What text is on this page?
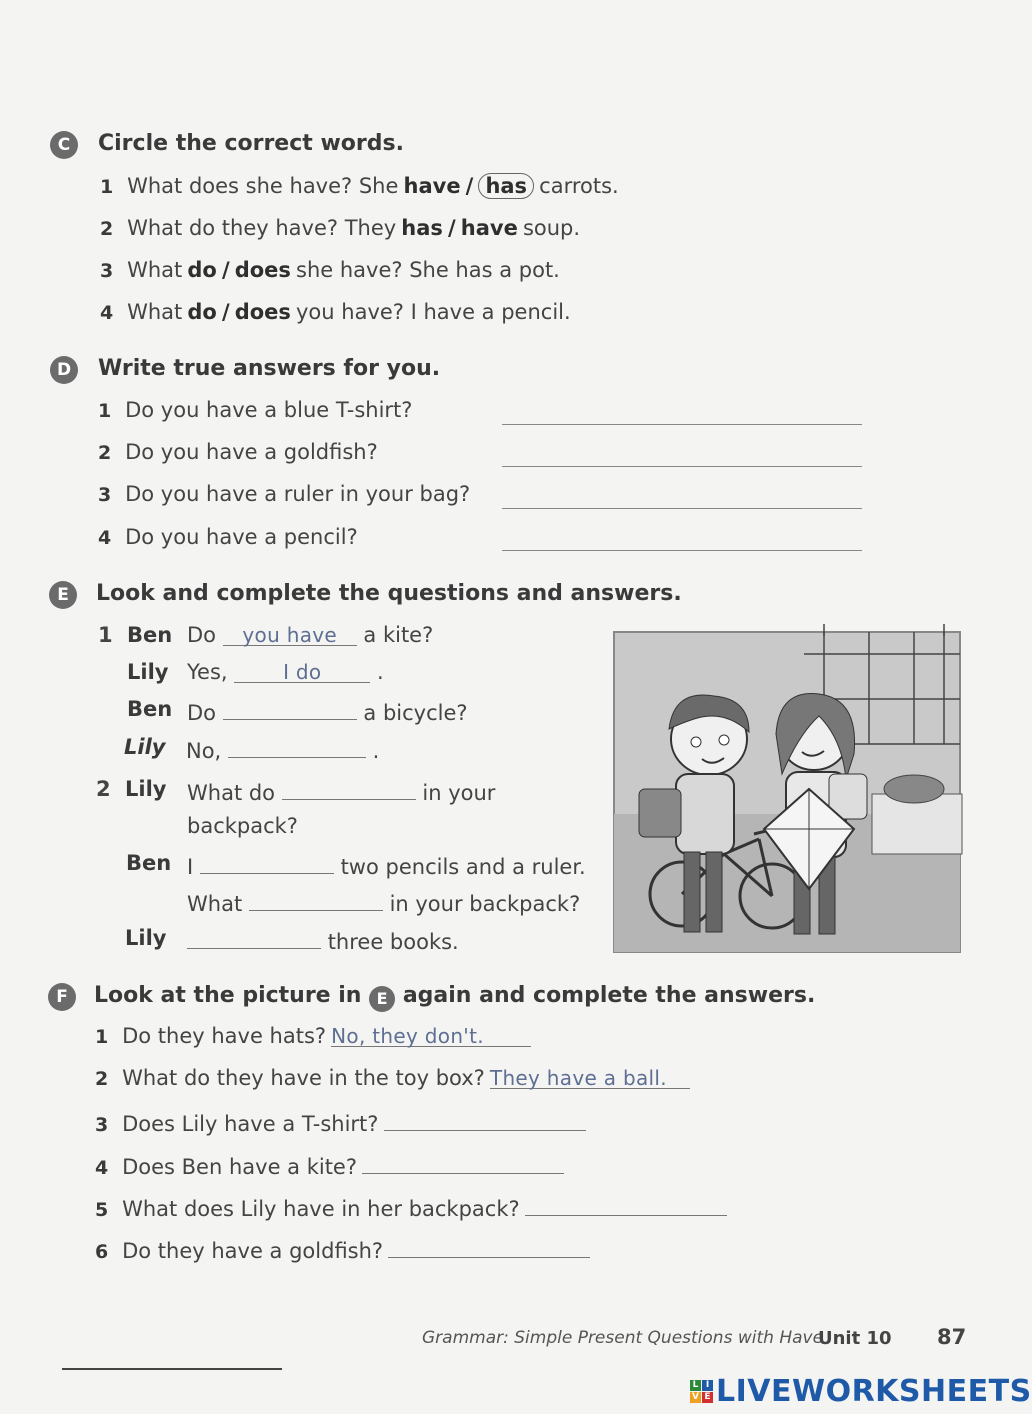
C	Circle the correct words.
1 What does she have? She have / has carrots.
2 What do they have? They has / have soup.
3 What do / does she have? She has a pot.
4 What do / does you have? I have a pencil.
D	Write true answers for you.
1 Do you have a blue T-shirt?
2 Do you have a goldfish?
3 Do you have a ruler in your bag?
4 Do you have a pencil?
E	Look and complete the questions and answers.
1 Ben Do you have a kite?
Lily Yes,	I do	.
Ben Do	a bicycle?
Lily No,	.
2 Lily What do	in your
backpack?
Ben I	two pencils and a ruler.
What	in your backpack?
Lily	three books.
F	Look at the picture in E again and complete the answers.
1 Do they have hats? No, they don't.
2 What do they have in the toy box? They have a ball.
3 Does Lily have a T-shirt?
4 Does Ben have a kite?
5 What does Lily have in her backpack?
6 Do they have a goldfish?
Grammar: Simple Present Questions with Have
Unit 10 87
L I
V E LIVEWORKSHEETS
